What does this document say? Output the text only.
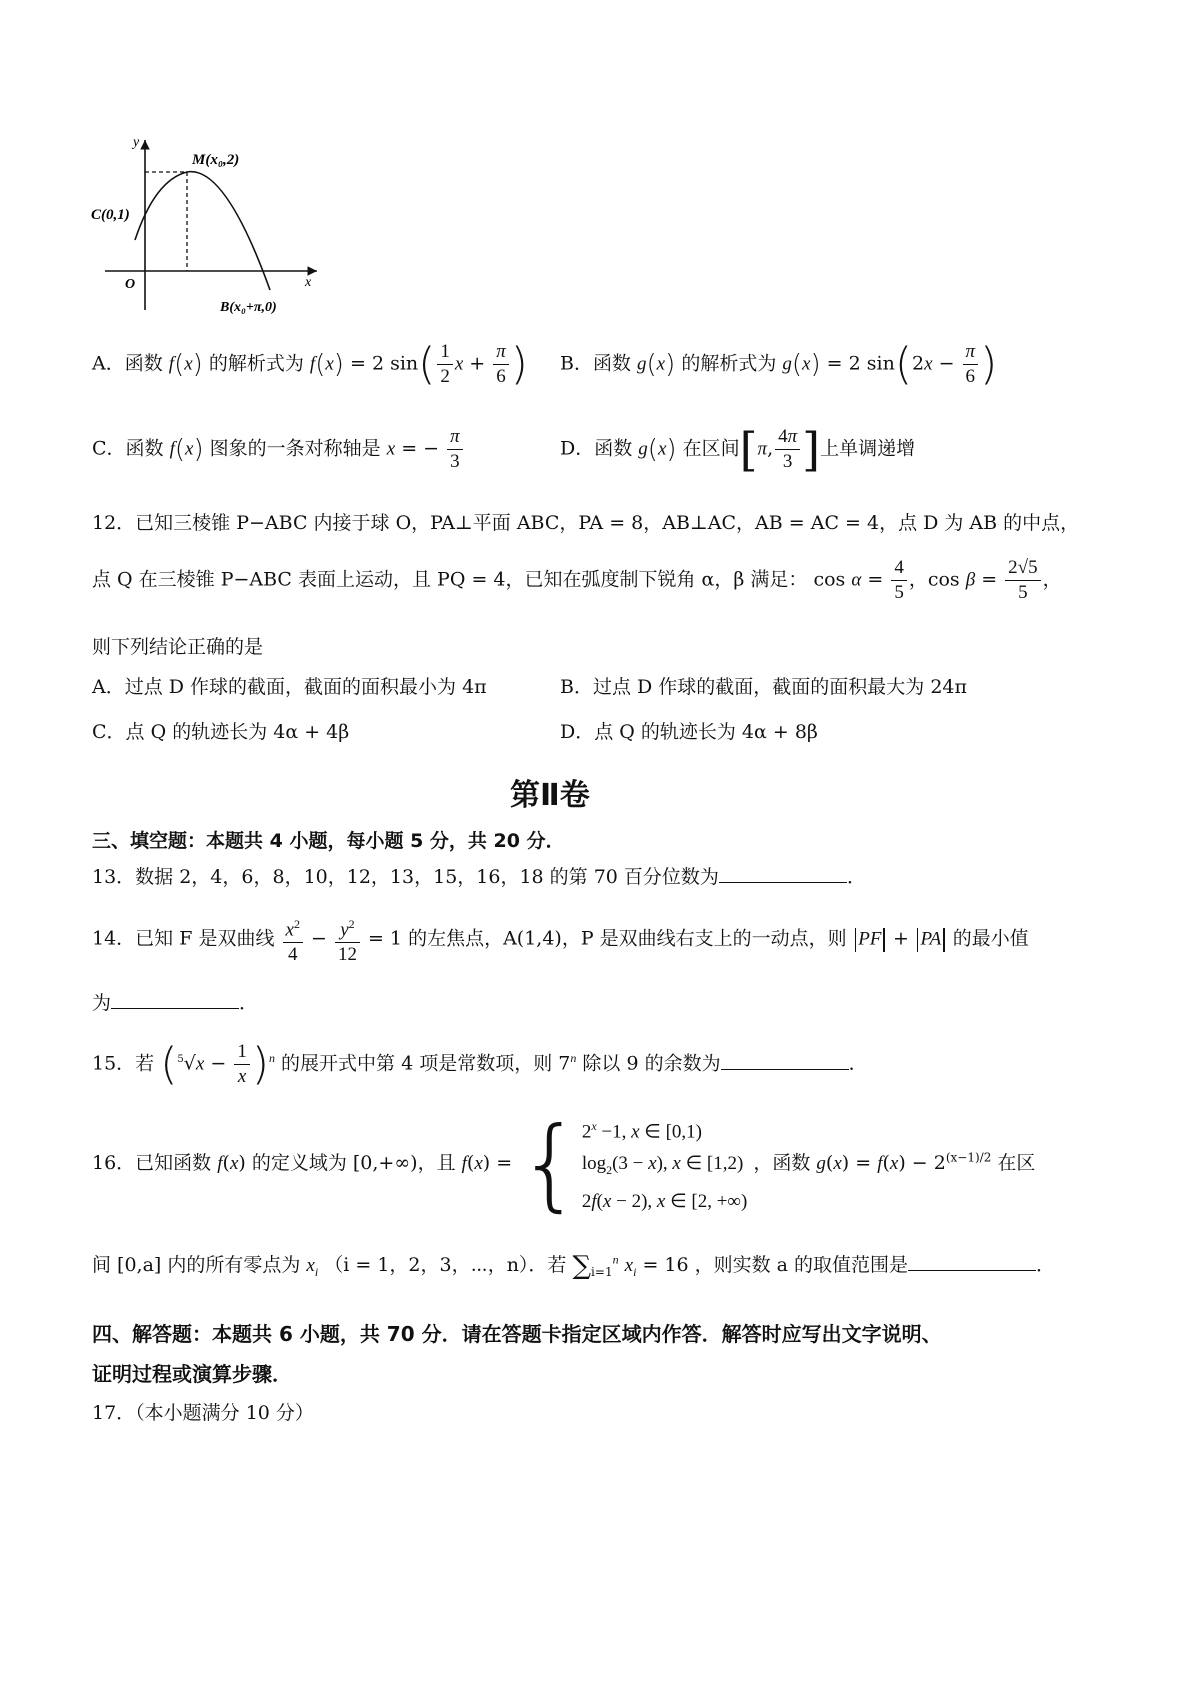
y
x
O
M(x₀,2)
C(0,1)
B(x₀+π,0)
A．函数 f(x) 的解析式为 f(x) = 2 $\sin( \frac{1}{2}$ $x + \frac{\pi}{6}$ ) B．函数 g(x) 的解析式为 g(x) = 2 $\sin(2x - \frac{\pi}{6}$ )
C．函数 f(x) 图象的一条对称轴是 x = − $\frac{\pi}{3}$	D．函数 g(x) 在区间[π, $\frac{4\pi}{3}$ ]上单调递增
12．已知三棱锥 P−ABC 内接于球 O，PA⊥平面 ABC，PA = 8，AB⊥AC，AB = AC = 4，点 D 为 AB 的中点，
点 Q 在三棱锥 P−ABC 表面上运动，且 PQ = 4，已知在弧度制下锐角 α，β 满足： $\cos \alpha = \frac{4}{5}$ ，$\cos \beta = \frac{2√5}{5}$ ，
则下列结论正确的是
A．过点 D 作球的截面，截面的面积最小为 4π	B．过点 D 作球的截面，截面的面积最大为 24π
C．点 Q 的轨迹长为 4α + 4β	D．点 Q 的轨迹长为 4α + 8β
第Ⅱ卷
三、填空题：本题共 4 小题，每小题 5 分，共 20 分．
13．数据 2，4，6，8，10，12，13，15，16，18 的第 70 百分位数为	．
14．已知 F 是双曲线 $\frac{x^2}{4} - \frac{y^2}{12} = 1$ 的左焦点，A(1,4)，P 是双曲线右支上的一动点，则 PF + PA 的最小值
为	．
15．若 $(^5√x - \frac{1}{x} )^n$ 的展开式中第 4 项是常数项，则 7$^n$ 除以 9 的余数为	．
16．已知函数 f(x) 的定义域为 [0,+∞)，且 $f(x) = \{2^x -1$, x ∈ [0,1)
$\log_2(3 - x)$, x ∈ [1,2)
2f(x − 2), x ∈ [2, +∞) ，函数 $g(x) = f(x) - 2^{(x-1)/2}$ 在区
间 [0,a] 内的所有零点为 $x_i$ （i = 1，2，3，⋯，n）．若 $\sum_{i=1}^n$ $x_i = 16$ ，则实数 a 的取值范围是	．
四、解答题：本题共 6 小题，共 70 分．请在答题卡指定区域内作答．解答时应写出文字说明、
证明过程或演算步骤．
17．（本小题满分 10 分）
